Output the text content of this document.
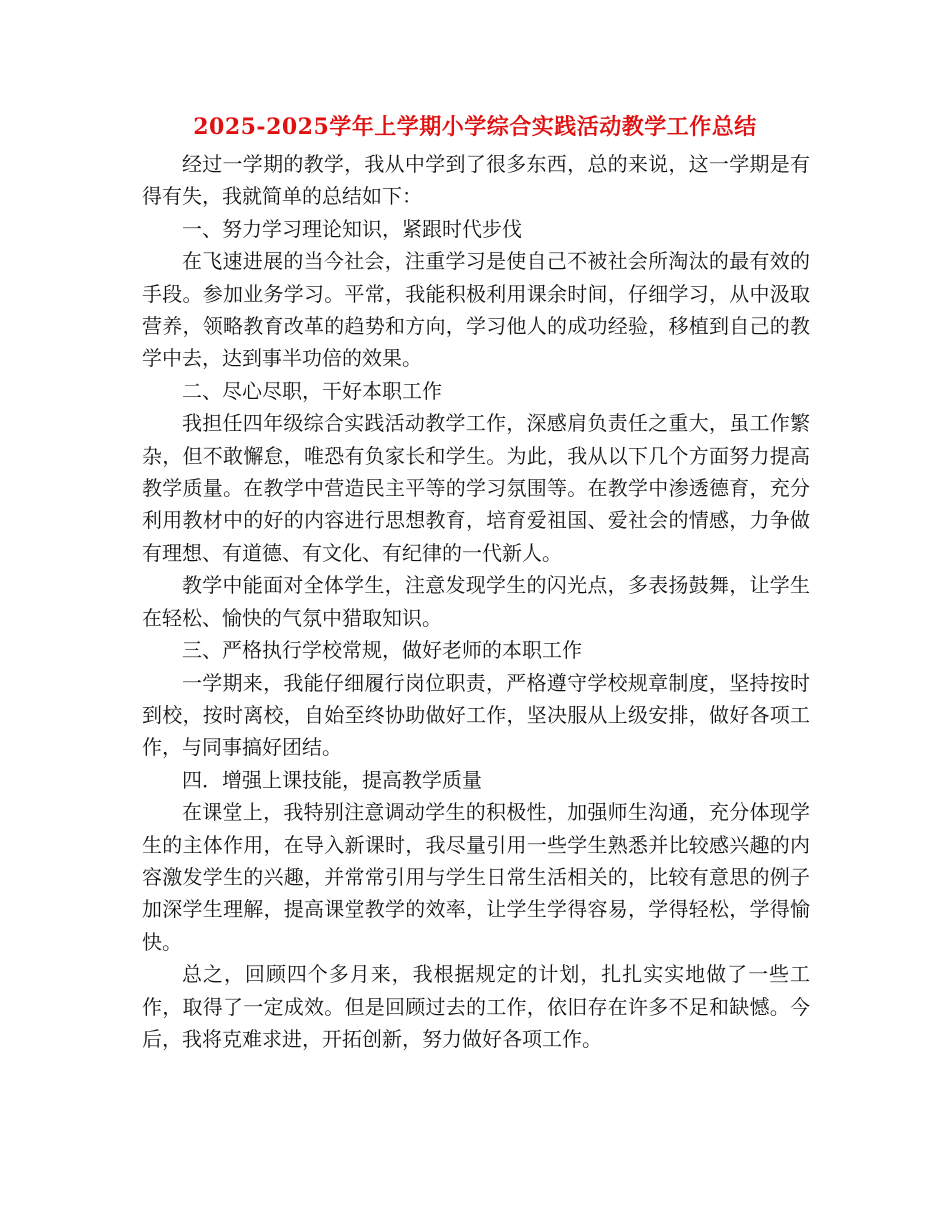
2025-2025学年上学期小学综合实践活动教学工作总结

经过一学期的教学，我从中学到了很多东西，总的来说，这一学期是有得有失，我就简单的总结如下：

一、努力学习理论知识，紧跟时代步伐

在飞速进展的当今社会，注重学习是使自己不被社会所淘汰的最有效的手段。参加业务学习。平常，我能积极利用课余时间，仔细学习，从中汲取营养，领略教育改革的趋势和方向，学习他人的成功经验，移植到自己的教学中去，达到事半功倍的效果。

二、尽心尽职，干好本职工作

我担任四年级综合实践活动教学工作，深感肩负责任之重大，虽工作繁杂，但不敢懈怠，唯恐有负家长和学生。为此，我从以下几个方面努力提高教学质量。在教学中营造民主平等的学习氛围等。在教学中渗透德育，充分利用教材中的好的内容进行思想教育，培育爱祖国、爱社会的情感，力争做有理想、有道德、有文化、有纪律的一代新人。

教学中能面对全体学生，注意发现学生的闪光点，多表扬鼓舞，让学生在轻松、愉快的气氛中猎取知识。

三、严格执行学校常规，做好老师的本职工作

一学期来，我能仔细履行岗位职责，严格遵守学校规章制度，坚持按时到校，按时离校，自始至终协助做好工作，坚决服从上级安排，做好各项工作，与同事搞好团结。

四．增强上课技能，提高教学质量

在课堂上，我特别注意调动学生的积极性，加强师生沟通，充分体现学生的主体作用，在导入新课时，我尽量引用一些学生熟悉并比较感兴趣的内容激发学生的兴趣，并常常引用与学生日常生活相关的，比较有意思的例子加深学生理解，提高课堂教学的效率，让学生学得容易，学得轻松，学得愉快。

总之，回顾四个多月来，我根据规定的计划，扎扎实实地做了一些工作，取得了一定成效。但是回顾过去的工作，依旧存在许多不足和缺憾。今后，我将克难求进，开拓创新，努力做好各项工作。
